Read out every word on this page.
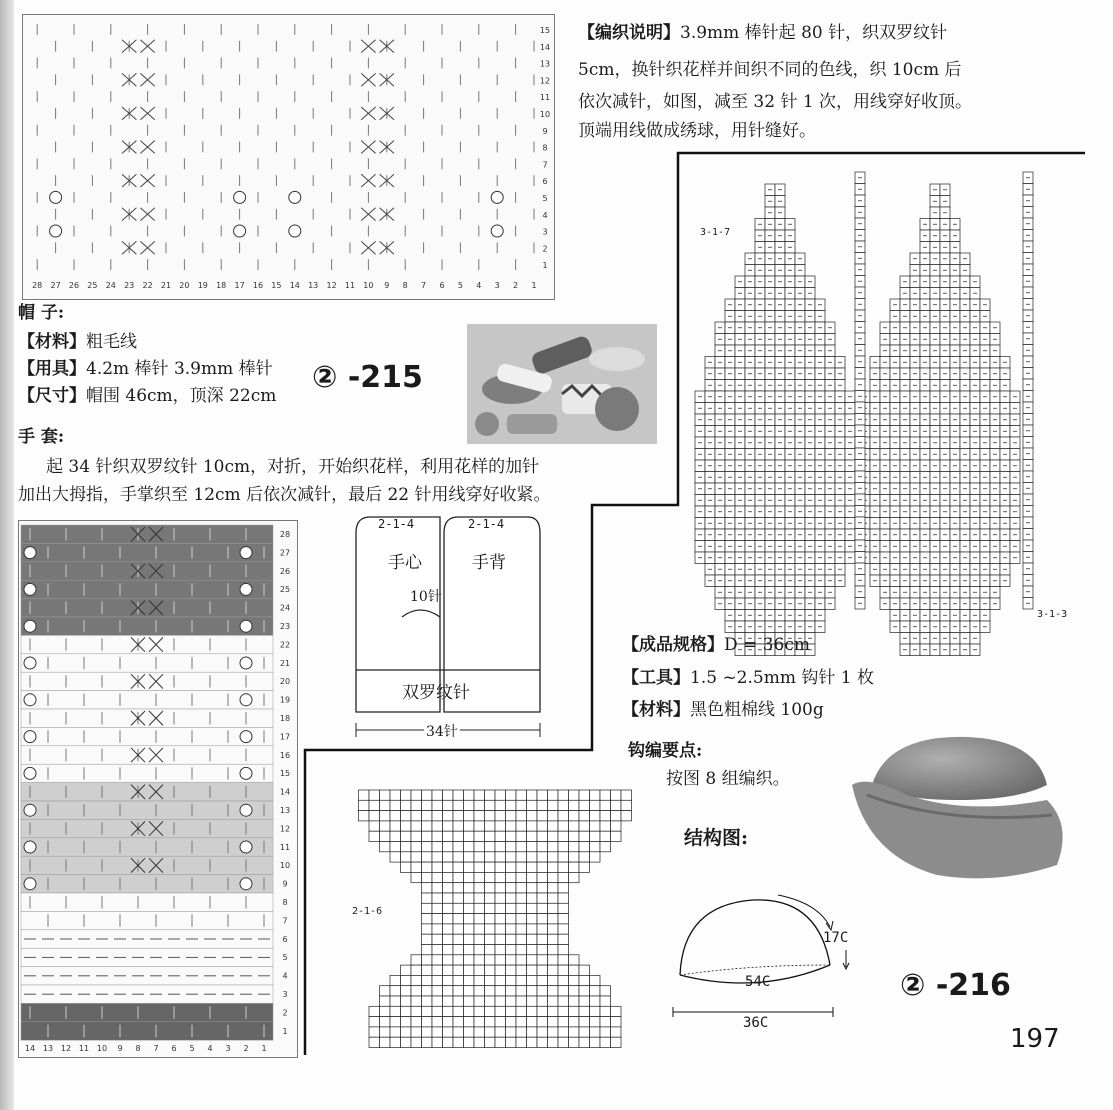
15
14
13
12
11
10
9
8
7
6
5
4
3
2
1
28 27 26 25 24 23 22 21 20 19 18 17 16 15 14 13 12 11 10 9 8 7 6 5 4 3 2 1
【编织说明】3.9mm 棒针起 80 针，织双罗纹针
5cm，换针织花样并间织不同的色线，织 10cm 后
依次减针，如图，减至 32 针 1 次，用线穿好收顶。
顶端用线做成绣球，用针缝好。
帽 子:
【材料】粗毛线
【用具】4.2m 棒针 3.9mm 棒针
【尺寸】帽围 46cm，顶深 22cm
② -215
手 套:
起 34 针织双罗纹针 10cm，对折，开始织花样，利用花样的加针
加出大拇指，手掌织至 12cm 后依次减针，最后 22 针用线穿好收紧。
28
27
26
25
24
23
22
21
20
19
18
17
16
15
14
13
12
11
10
9
8
7
6
5
4
3
2
1
14 13 12 11 10 9 8 7 6 5 4 3 2 1
2-1-4	2-1-4
手心	手背
10针
双罗纹针
34针
3-1-7
3-1-3
【成品规格】D = 36cm
【工具】1.5 ~2.5mm 钩针 1 枚
【材料】黑色粗棉线 100g
钩编要点:
按图 8 组编织。
结构图:
2-1-6
17C
54C
36C
② -216
197
